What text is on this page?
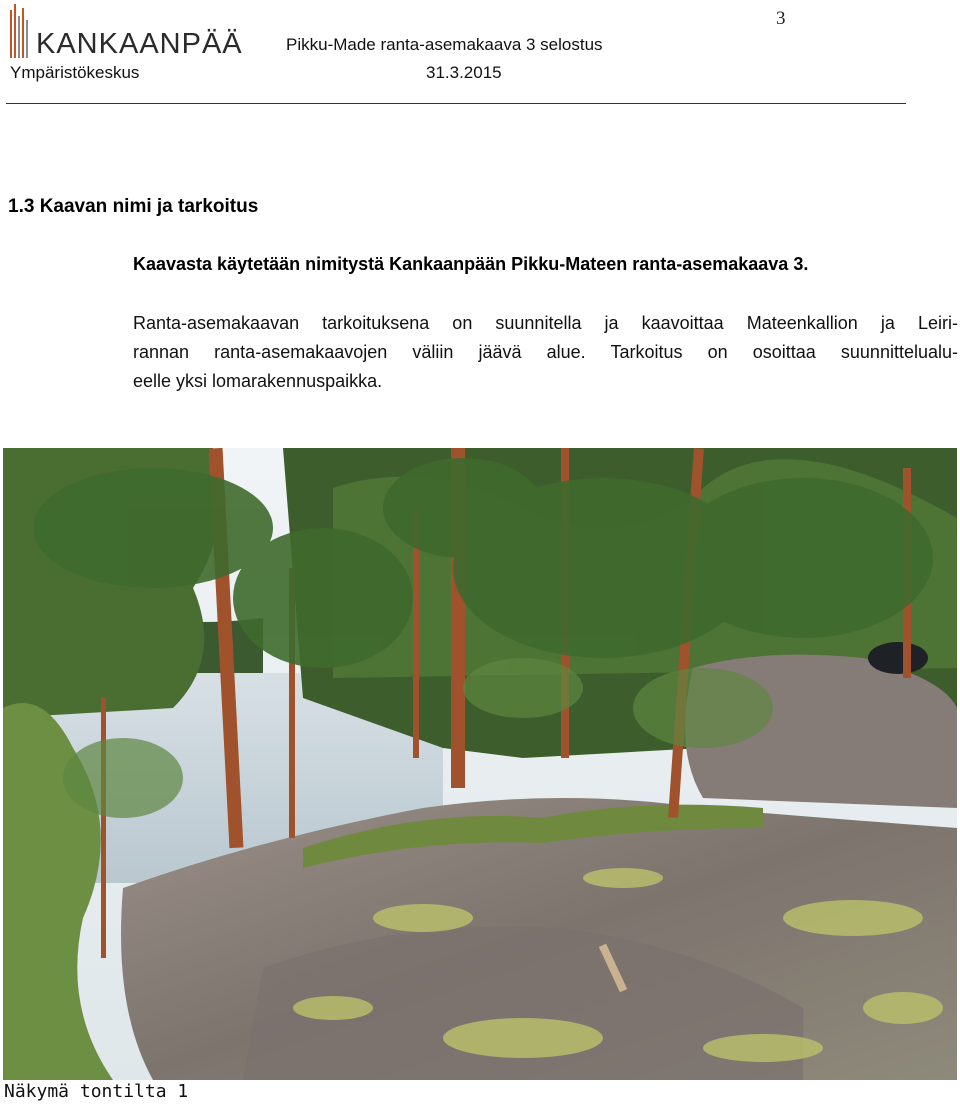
3
KANKAANPÄÄ	Pikku-Made ranta-asemakaava 3 selostus
Ympäristökeskus	31.3.2015
1.3 Kaavan nimi ja tarkoitus

Kaavasta käytetään nimitystä Kankaanpään Pikku-Mateen ranta-asemakaava 3.

Ranta-asemakaavan tarkoituksena on suunnitella ja kaavoittaa Mateenkallion ja Leiri-
rannan ranta-asemakaavojen väliin jäävä alue. Tarkoitus on osoittaa suunnittelualu-
eelle yksi lomarakennuspaikka.

Näkymä tontilta 1
